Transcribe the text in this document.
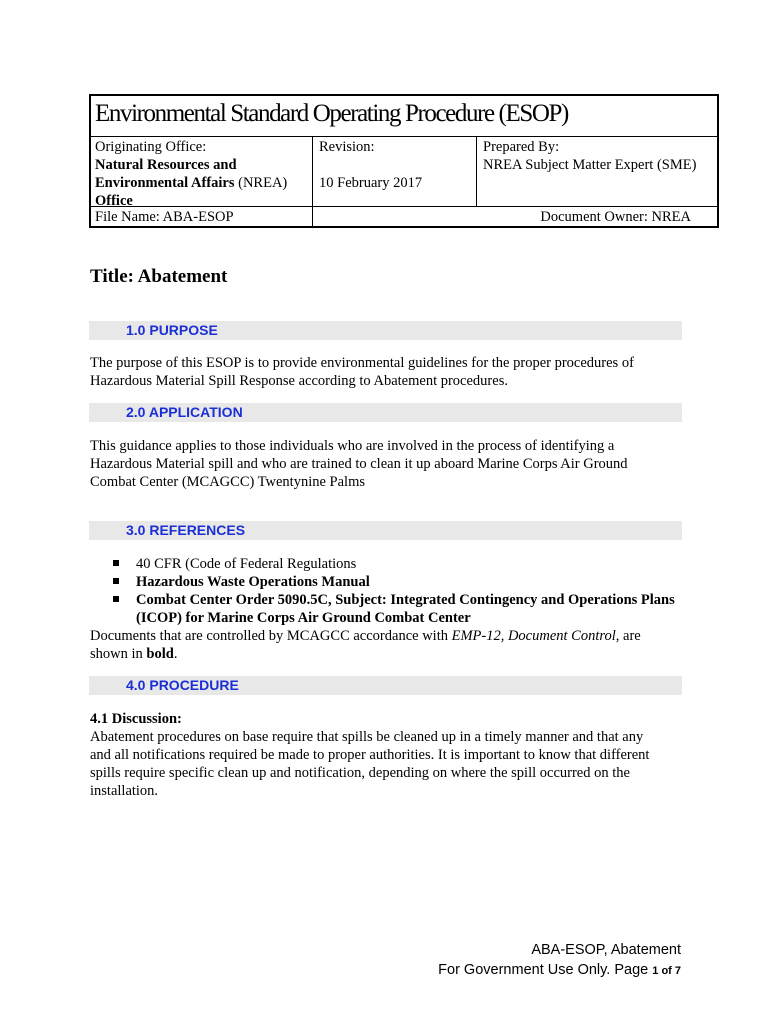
Environmental Standard Operating Procedure (ESOP)
Originating Office:
Natural Resources and
Environmental Affairs (NREA)
Office
Revision:
10 February 2017
Prepared By:
NREA Subject Matter Expert (SME)
File Name: ABA-ESOP	Document Owner: NREA
Title: Abatement
1.0 PURPOSE
The purpose of this ESOP is to provide environmental guidelines for the proper procedures of
Hazardous Material Spill Response according to Abatement procedures.
2.0 APPLICATION
This guidance applies to those individuals who are involved in the process of identifying a
Hazardous Material spill and who are trained to clean it up aboard Marine Corps Air Ground
Combat Center (MCAGCC) Twentynine Palms
3.0 REFERENCES
40 CFR (Code of Federal Regulations
Hazardous Waste Operations Manual
Combat Center Order 5090.5C, Subject: Integrated Contingency and Operations Plans
(ICOP) for Marine Corps Air Ground Combat Center
Documents that are controlled by MCAGCC accordance with EMP-12, Document Control, are
shown in bold.
4.0 PROCEDURE
4.1 Discussion:
Abatement procedures on base require that spills be cleaned up in a timely manner and that any
and all notifications required be made to proper authorities. It is important to know that different
spills require specific clean up and notification, depending on where the spill occurred on the
installation.
ABA-ESOP, Abatement
For Government Use Only. Page 1 of 7
